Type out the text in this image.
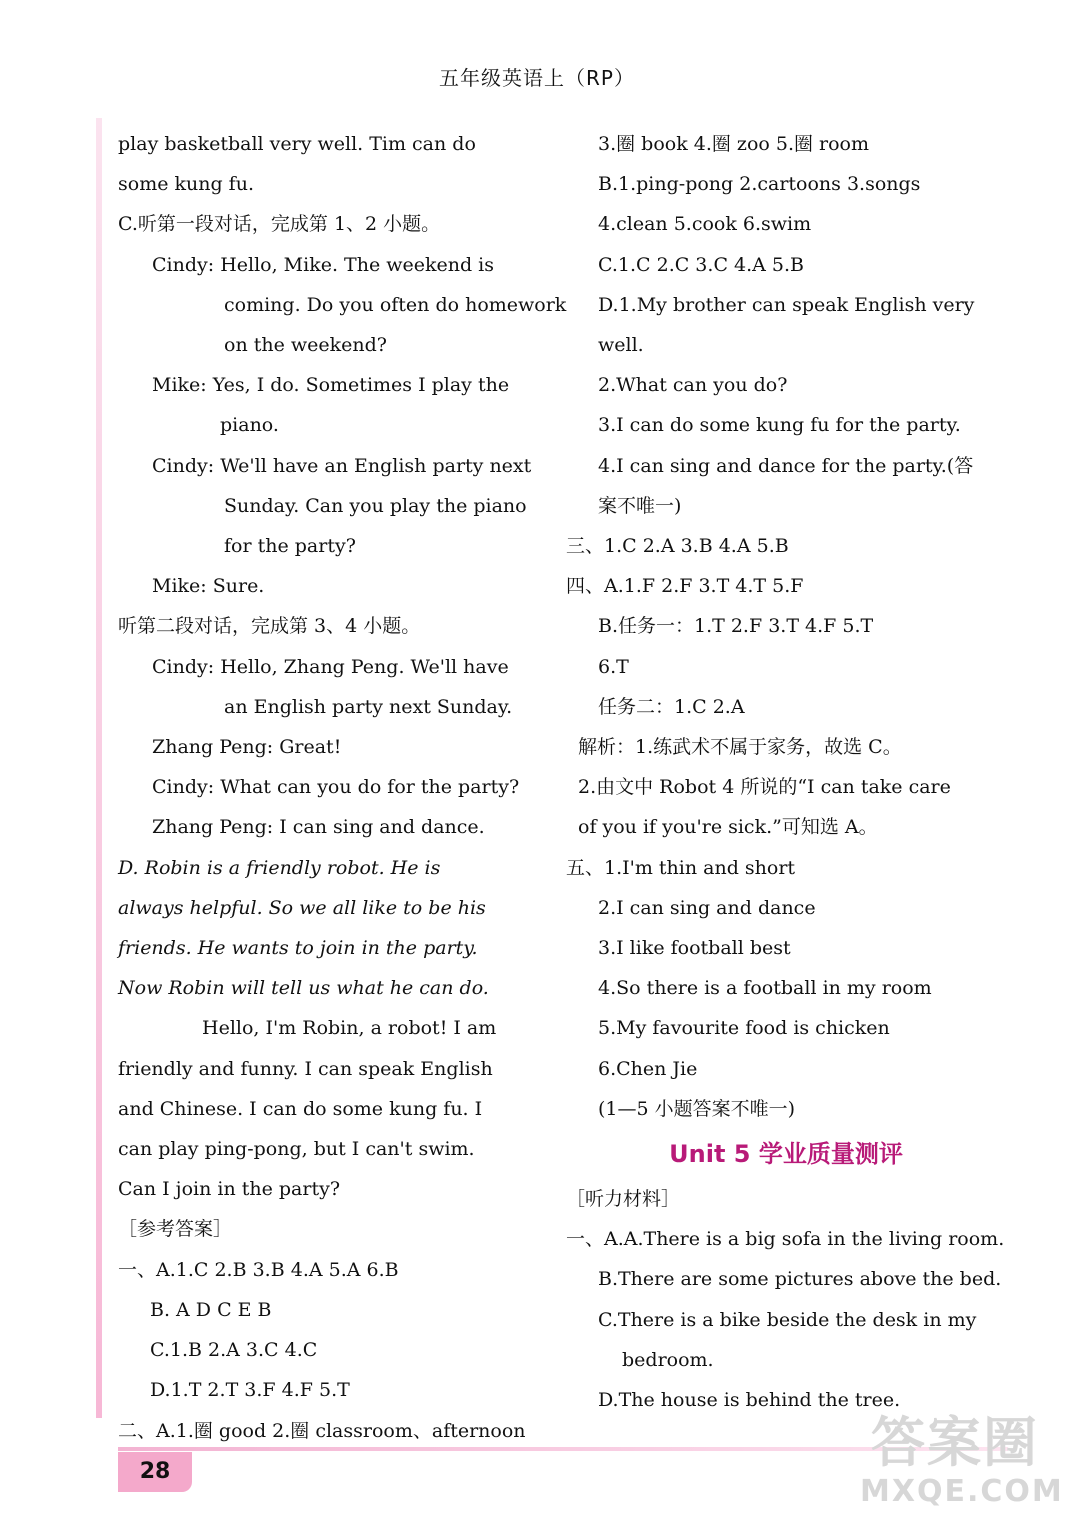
五年级英语上（RP）
play basketball very well. Tim can do
some kung fu.
C.听第一段对话，完成第 1、2 小题。
Cindy: Hello, Mike. The weekend is
coming. Do you often do homework
on the weekend?
Mike: Yes, I do. Sometimes I play the
piano.
Cindy: We'll have an English party next
Sunday. Can you play the piano
for the party?
Mike: Sure.
听第二段对话，完成第 3、4 小题。
Cindy: Hello, Zhang Peng. We'll have
an English party next Sunday.
Zhang Peng: Great!
Cindy: What can you do for the party?
Zhang Peng: I can sing and dance.
D. Robin is a friendly robot. He is
always helpful. So we all like to be his
friends. He wants to join in the party.
Now Robin will tell us what he can do.
Hello, I'm Robin, a robot! I am
friendly and funny. I can speak English
and Chinese. I can do some kung fu. I
can play ping-pong, but I can't swim.
Can I join in the party?
［参考答案］
一、A.1.C 2.B 3.B 4.A 5.A 6.B
B. A D C E B
C.1.B 2.A 3.C 4.C
D.1.T 2.T 3.F 4.F 5.T
二、A.1.圈 good 2.圈 classroom、afternoon
3.圈 book 4.圈 zoo 5.圈 room
B.1.ping-pong 2.cartoons 3.songs
4.clean 5.cook 6.swim
C.1.C 2.C 3.C 4.A 5.B
D.1.My brother can speak English very
well.
2.What can you do?
3.I can do some kung fu for the party.
4.I can sing and dance for the party.(答
案不唯一)
三、1.C 2.A 3.B 4.A 5.B
四、A.1.F 2.F 3.T 4.T 5.F
B.任务一：1.T 2.F 3.T 4.F 5.T
6.T
任务二：1.C 2.A
解析：1.练武术不属于家务，故选 C。
2.由文中 Robot 4 所说的“I can take care
of you if you're sick.”可知选 A。
五、1.I'm thin and short
2.I can sing and dance
3.I like football best
4.So there is a football in my room
5.My favourite food is chicken
6.Chen Jie
(1—5 小题答案不唯一)
Unit 5 学业质量测评
［听力材料］
一、A.A.There is a big sofa in the living room.
B.There are some pictures above the bed.
C.There is a bike beside the desk in my
bedroom.
D.The house is behind the tree.
28	答案圈
MXQE.COM
